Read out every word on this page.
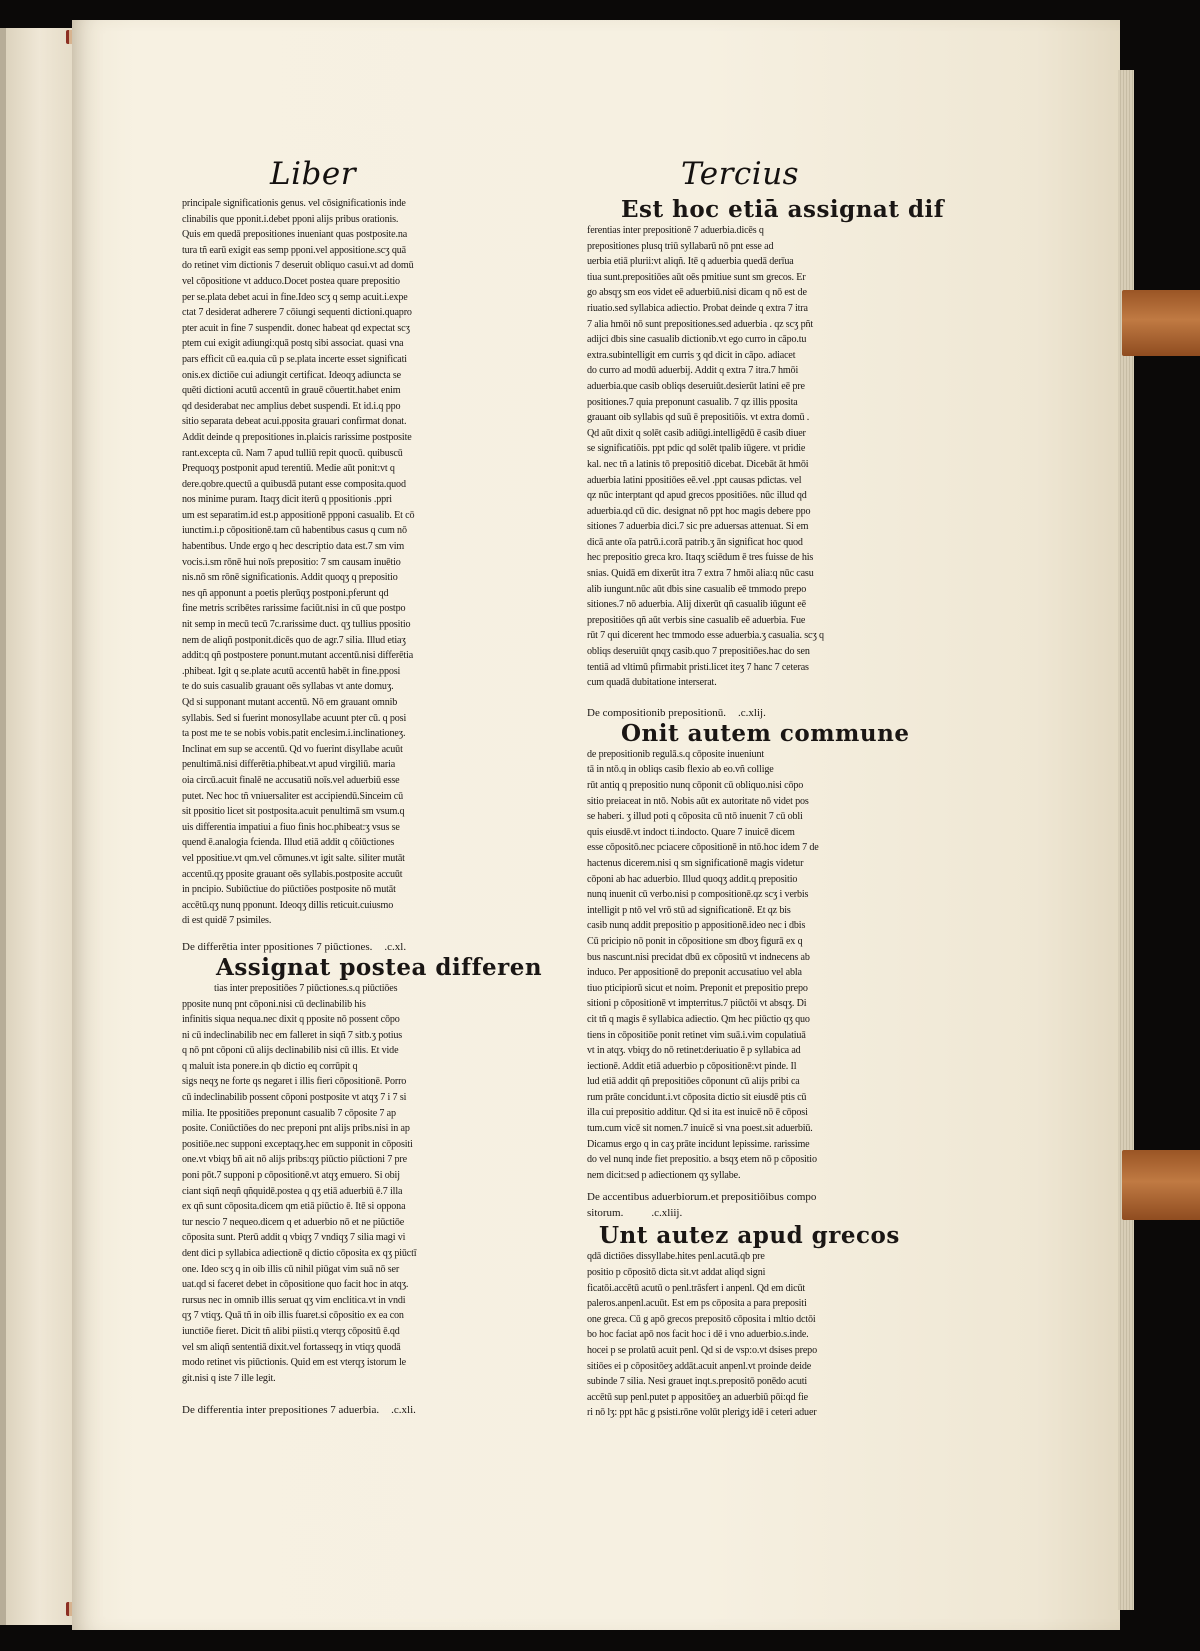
Liber	Tercius
principale significationis genus. vel cōsignificationis inde
clinabilis que pponit.i.debet pponi alijs pribus orationis.
Quis em quedā prepositiones inueniant quas postposite.na
tura tñ earū exigit eas semp pponi.vel appositione.scʒ quā
do retinet vim dictionis 7 deseruit obliquo casui.vt ad domū
vel cōpositione vt adduco.Docet postea quare prepositio
per se.plata debet acui in fine.Ideo scʒ q semp acuit.i.expe
ctat 7 desiderat adherere 7 cōiungi sequenti dictioni.quapro
pter acuit in fine 7 suspendit. donec habeat qd expectat scʒ
ptem cui exigit adiungi:quā postq sibi associat. quasi vna
pars efficit cū ea.quia cū p se.plata incerte esset significati
onis.ex dictiōe cui adiungit certificat. Ideoqʒ adiuncta se
quēti dictioni acutū accentū in grauē cōuertit.habet enim
qd desiderabat nec amplius debet suspendi. Et id.i.q ppo
sitio separata debeat acui.pposita grauari confirmat donat.
Addit deinde q prepositiones in.plaicis rarissime postposite
rant.excepta cū. Nam 7 apud tulliū repit quocū. quibuscū
Prequoqʒ postponit apud terentiū. Medie aūt ponit:vt q
dere.qobre.quectū a quibusdā putant esse composita.quod
nos minime puram. Itaqʒ dicit iterū q ppositionis .ppri
um est separatim.id est.p appositionē ppponi casualib. Et cō
iunctim.i.p cōpositionē.tam cū habentibus casus q cum nō
habentibus. Unde ergo q hec descriptio data est.7 sm vim
vocis.i.sm rōnē hui noīs prepositio: 7 sm causam inuētio
nis.nō sm rōnē significationis. Addit quoqʒ q prepositio
nes qñ apponunt a poetis plerūqʒ postponi.pferunt qd
fine metris scribētes rarissime faciūt.nisi in cū que postpo
nit semp in mecū tecū 7c.rarissime duct. qʒ tullius ppositio
nem de aliqñ postponit.dicēs quo de agr.7 silia. Illud etiaʒ
addit:q qñ postpostere ponunt.mutant accentū.nisi differētia
.phibeat. Igit q se.plate acutū accentū habēt in fine.pposi
te do suis casualib grauant oēs syllabas vt ante domuʒ.
Qd si supponant mutant accentū. Nō em grauant omnib
syllabis. Sed si fuerint monosyllabe acuunt pter cū. q posi
ta post me te se nobis vobis.patit enclesim.i.inclinationeʒ.
Inclinat em sup se accentū. Qd vo fuerint disyllabe acuūt
penultimā.nisi differētia.phibeat.vt apud virgiliū. maria
oia circū.acuit finalē ne accusatiū noīs.vel aduerbiū esse
putet. Nec hoc tñ vniuersaliter est accipiendū.Sinceim cū
sit ppositio licet sit postposita.acuit penultimā sm vsum.q
uis differentia impatiui a fiuo finis hoc.phibeat:ʒ vsus se
quend ē.analogia fcienda. Illud etiā addit q cōiūctiones
vel ppositiue.vt qm.vel cōmunes.vt igit salte. siliter mutāt
accentū.qʒ pposite grauant oēs syllabis.postposite accuūt
in pncipio. Subiūctiue do piūctiōes postposite nō mutāt
accētū.qʒ nunq pponunt. Ideoqʒ dillis reticuit.cuiusmo
di est quidē 7 psimiles.
De differētia inter ppositiones 7 piūctiones. .c.xl.
Assignat postea differen
tias inter prepositiōes 7 piūctiones.s.q piūctiōes
pposite nunq pnt cōponi.nisi cū declinabilib his
infinitis siqua nequa.nec dixit q pposite nō possent cōpo
ni cū indeclinabilib nec em falleret in siqñ 7 sitb.ʒ potius
q nō pnt cōponi cū alijs declinabilib nisi cū illis. Et vide
q maluit ista ponere.in qb dictio eq corrūpit q
sigs neqʒ ne forte qs negaret i illis fieri cōpositionē. Porro
cū indeclinabilib possent cōponi postposite vt atqʒ 7 i 7 si
milia. Ite ppositiōes preponunt casualib 7 cōposite 7 ap
posite. Coniūctiōes do nec preponi pnt alijs pribs.nisi in ap
positiōe.nec supponi exceptaqʒ.hec em supponit in cōpositi
one.vt vbiqʒ bñ ait nō alijs pribs:qʒ piūctio piūctioni 7 pre
poni pōt.7 supponi p cōpositionē.vt atqʒ emuero. Si obij
ciant siqñ neqñ qñquidē.postea q qʒ etiā aduerbiū ē.7 illa
ex qñ sunt cōposita.dicem qm etiā piūctio ē. Itē si oppona
tur nescio 7 nequeo.dicem q et aduerbio nō et ne piūctiōe
cōposita sunt. Pterū addit q vbiqʒ 7 vndiqʒ 7 silia magi vi
dent dici p syllabica adiectionē q dictio cōposita ex qʒ piūctī
one. Ideo scʒ q in oib illis cū nihil piūgat vim suā nō ser
uat.qd si faceret debet in cōpositione quo facit hoc in atqʒ.
rursus nec in omnib illis seruat qʒ vim enclitica.vt in vndi
qʒ 7 vtiqʒ. Quā tñ in oib illis fuaret.si cōpositio ex ea con
iunctiōe fieret. Dicit tñ alibi piisti.q vterqʒ cōpositū ē.qd
vel sm aliqñ sententiā dixit.vel fortasseqʒ in vtiqʒ quodā
modo retinet vis piūctionis. Quid em est vterqʒ istorum le
git.nisi q iste 7 ille legit.
De differentia inter prepositiones 7 aduerbia. .c.xli.
Est hoc etiā assignat dif
ferentias inter prepositionē 7 aduerbia.dicēs q
prepositiones plusq triū syllabarū nō pnt esse ad
uerbia etiā plurii:vt aliqñ. Itē q aduerbia quedā derīua
tiua sunt.prepositiōes aūt oēs pmitiue sunt sm grecos. Er
go absqʒ sm eos videt eē aduerbiū.nisi dicam q nō est de
riuatio.sed syllabica adiectio. Probat deinde q extra 7 itra
7 alia hmōi nō sunt prepositiones.sed aduerbia . qz scʒ pñt
adijci dbis sine casualib dictionib.vt ego curro in cāpo.tu
extra.subintelligit em curris ʒ qd dicit in cāpo. adiacet
do curro ad modū aduerbij. Addit q extra 7 itra.7 hmōi
aduerbia.que casib obliqs deseruiūt.desierūt latini eē pre
positiones.7 quia preponunt casualib. 7 qz illis pposita
grauant oib syllabis qd suū ē prepositiōis. vt extra domū .
Qd aūt dixit q solēt casib adiūgi.intelligēdū ē casib diuer
se significatiōis. ppt pdic qd solēt tpalib iūgere. vt pridie
kal. nec tñ a latinis tō prepositiō dicebat. Dicebāt āt hmōi
aduerbia latini ppositiōes eē.vel .ppt causas pdictas. vel
qz nūc interptant qd apud grecos ppositiōes. nūc illud qd
aduerbia.qd cū dic. designat nō ppt hoc magis debere ppo
sitiones 7 aduerbia dici.7 sic pre aduersas attenuat. Si em
dicā ante oīa patrū.i.corā patrib.ʒ ān significat hoc quod
hec prepositio greca kro. Itaqʒ sciēdum ē tres fuisse de his
snias. Quidā em dixerūt itra 7 extra 7 hmōi alia:q nūc casu
alib iungunt.nūc aūt dbis sine casualib eē tmmodo prepo
sitiones.7 nō aduerbia. Alij dixerūt qñ casualib iūgunt eē
prepositiōes qñ aūt verbis sine casualib eē aduerbia. Fue
rūt 7 qui dicerent hec tmmodo esse aduerbia.ʒ casualia. scʒ q
obliqs deseruiūt qnqʒ casib.quo 7 prepositiōes.hac do sen
tentiā ad vltimū pfirmabit pristi.licet iteʒ 7 hanc 7 ceteras
cum quadā dubitatione interserat.
De compositionib prepositionū. .c.xlij.
Onit autem commune
de prepositionib regulā.s.q cōposite inueniunt
tā in ntō.q in obliqs casib flexio ab eo.vñ collige
rūt antiq q prepositio nunq cōponit cū obliquo.nisi cōpo
sitio preiaceat in ntō. Nobis aūt ex autoritate nō videt pos
se haberi. ʒ illud poti q cōposita cū ntō inuenit 7 cū obli
quis eiusdē.vt indoct ti.indocto. Quare 7 inuicē dicem
esse cōpositō.nec pciacere cōpositionē in ntō.hoc idem 7 de
hactenus dicerem.nisi q sm significationē magis videtur
cōponi ab hac aduerbio. Illud quoqʒ addit.q prepositio
nunq inuenit cū verbo.nisi p compositionē.qz scʒ i verbis
intelligit p ntō vel vrō stū ad significationē. Et qz bis
casib nunq addit prepositio p appositionē.ideo nec i dbis
Cū pricipio nō ponit in cōpositione sm dboʒ figurā ex q
bus nascunt.nisi precidat dbū ex cōpositū vt indnecens ab
induco. Per appositionē do preponit accusatiuo vel abla
tiuo pticipiorū sicut et noim. Preponit et prepositio prepo
sitioni p cōpositionē vt impterritus.7 piūctōi vt absqʒ. Di
cit tñ q magis ē syllabica adiectio. Qm hec piūctio qʒ quo
tiens in cōpositiōe ponit retinet vim suā.i.vim copulatiuā
vt in atqʒ. vbiqʒ do nō retinet:deriuatio ē p syllabica ad
iectionē. Addit etiā aduerbio p cōpositionē:vt pinde. Il
lud etiā addit qñ prepositiōes cōponunt cū alijs pribi ca
rum prāte concidunt.i.vt cōposita dictio sit eiusdē ptis cū
illa cui prepositio additur. Qd si ita est inuicē nō ē cōposi
tum.cum vicē sit nomen.7 inuicē si vna poest.sit aduerbiū.
Dicamus ergo q in caʒ prāte incidunt lepissime. rarissime
do vel nunq inde fiet prepositio. a bsqʒ etem nō p cōpositio
nem dicit:sed p adiectionem qʒ syllabe.
De accentibus aduerbiorum.et prepositiōibus compo
sitorum.	.c.xliij.
Unt autez apud grecos
qdā dictiōes dissyllabe.hites penl.acutā.qb pre
positio p cōpositō dicta sit.vt addat aliqd signi
ficatōi.accētū acutū o penl.trāsfert i anpenl. Qd em dicūt
paleros.anpenl.acuūt. Est em ps cōposita a para prepositi
one greca. Cū g apō grecos prepositō cōposita i mltio dctōi
bo hoc faciat apō nos facit hoc i dē i vno aduerbio.s.inde.
hocei p se prolatū acuit penl. Qd si de vsp:o.vt dsises prepo
sitiōes ei p cōpositōeʒ addāt.acuit anpenl.vt proinde deide
subinde 7 silia. Nesi grauet inqt.s.prepositō ponēdo acuti
accētū sup penl.putet p appositōeʒ an aduerbiū pōi:qd fie
ri nō lʒ: ppt hāc g psisti.rōne volūt plerigʒ idē i ceteri aduer
